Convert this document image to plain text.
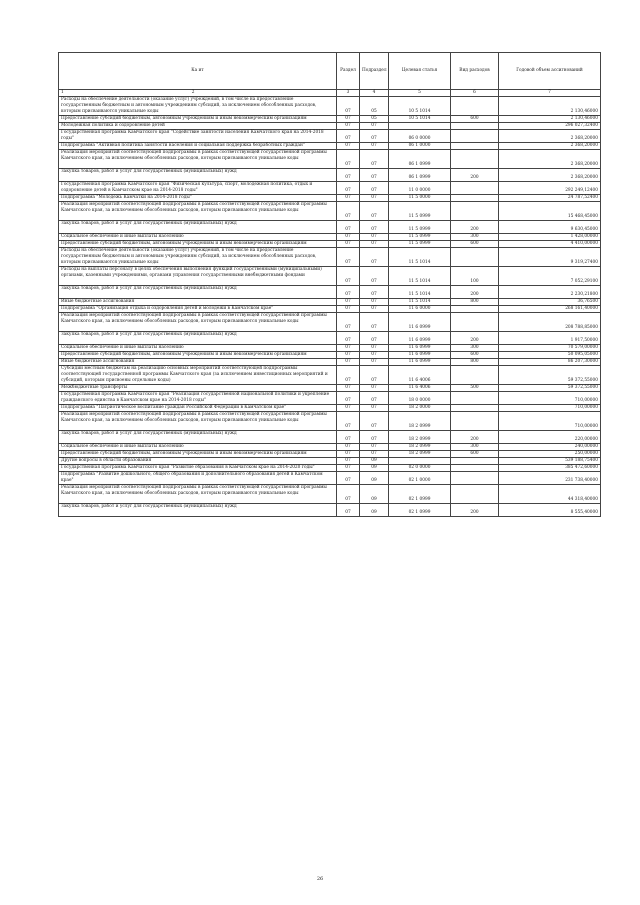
Ка ит	Раздел	Подраздел	Целевая статья	Вид расходов	Годовой объем ассигнований
1 2	3	4	5	6	7
Расходы на обеспечение деятельности (оказание услуг) учреждений, в том числе на предоставление государственным бюджетным и автономным учреждениям субсидий, за исключением обособленных расходов, которым присваиваются уникальные коды	07	05	10 5 1014		2 130,46000
Предоставление субсидий бюджетным, автономным учреждениям и иным некоммерческим организациям	07	05	10 5 1014	600	2 130,46000
Молодежная политика и оздоровление детей	07	07			296 027,32400
Государственная программа Камчатского края "Содействие занятости населения Камчатского края на 2014-2018 годы"	07	07	06 0 0000		2 368,20000
Подпрограмма "Активная политика занятости населения и социальная поддержка безработных граждан"	07	07	06 1 0000		2 368,20000
Реализация мероприятий соответствующей подпрограммы в рамках соответствующей государственной программы Камчатского края, за исключением обособленных расходов, которым присваиваются уникальные коды	07	07	06 1 0999		2 368,20000
Закупка товаров, работ и услуг для государственных (муниципальных) нужд	07	07	06 1 0999	200	2 368,20000
Государственная программа Камчатского края "Физическая культура, спорт, молодежная политика, отдых и оздоровление детей в Камчатском крае на 2014-2018 годы"	07	07	11 0 0000		292 249,12400
Подпрограмма "Молодежь Камчатки на 2014-2018 годы"	07	07	11 5 0000		24 787,52400
Реализация мероприятий соответствующей подпрограммы в рамках соответствующей государственной программы Камчатского края, за исключением обособленных расходов, которым присваиваются уникальные коды	07	07	11 5 0999		15 468,45000
Закупка товаров, работ и услуг для государственных (муниципальных) нужд	07	07	11 5 0999	200	9 630,45000
Социальное обеспечение и иные выплаты населению	07	07	11 5 0999	300	1 428,00000
Предоставление субсидий бюджетным, автономным учреждениям и иным некоммерческим организациям	07	07	11 5 0999	600	4 410,00000
Расходы на обеспечение деятельности (оказание услуг) учреждений, в том числе на предоставление государственным бюджетным и автономным учреждениям субсидий, за исключением обособленных расходов, которым присваиваются уникальные коды	07	07	11 5 1014		9 319,27400
Расходы на выплаты персоналу в целях обеспечения выполнения функций государственными (муниципальными) органами, казенными учреждениями, органами управления государственными внебюджетными фондами	07	07	11 5 1014	100	7 052,29100
Закупка товаров, работ и услуг для государственных (муниципальных) нужд	07	07	11 5 1014	200	2 230,21800
Иные бюджетные ассигнования	07	07	11 5 1014	800	36,76500
Подпрограмма "Организация отдыха и оздоровления детей и молодежи в Камчатском крае"	07	07	11 6 0000		268 161,40000
Реализация мероприятий соответствующей подпрограммы в рамках соответствующей государственной программы Камчатского края, за исключением обособленных расходов, которым присваиваются уникальные коды	07	07	11 6 0999		208 788,85000
Закупка товаров, работ и услуг для государственных (муниципальных) нужд	07	07	11 6 0999	200	1 917,50000
Социальное обеспечение и иные выплаты населению	07	07	11 6 0999	300	70 579,00000
Предоставление субсидий бюджетным, автономным учреждениям и иным некоммерческим организациям	07	07	11 6 0999	600	50 095,05000
Иные бюджетные ассигнования	07	07	11 6 0999	800	86 207,30000
Субсидии местным бюджетам на реализацию основных мероприятий соответствующей подпрограммы соответствующей государственной программы Камчатского края (за исключением инвестиционных мероприятий и субсидий, которым присвоены отдельные коды)	07	07	11 6 4006		59 372,55000
Межбюджетные трансферты	07	07	11 6 4006	500	59 372,55000
Государственная программа Камчатского края "Реализация государственной национальной политики и укрепление гражданского единства в Камчатском крае на 2014-2018 годы"	07	07	18 0 0000		710,00000
Подпрограмма "Патриотическое воспитание граждан Российской Федерации в Камчатском крае"	07	07	18 2 0000		710,00000
Реализация мероприятий соответствующей подпрограммы в рамках соответствующей государственной программы Камчатского края, за исключением обособленных расходов, которым присваиваются уникальные коды	07	07	18 2 0999		710,00000
Закупка товаров, работ и услуг для государственных (муниципальных) нужд	07	07	18 2 0999	200	220,00000
Социальное обеспечение и иные выплаты населению	07	07	18 2 0999	300	240,00000
Предоставление субсидий бюджетным, автономным учреждениям и иным некоммерческим организациям	07	07	18 2 0999	600	250,00000
Другие вопросы в области образования	07	09			539 188,75400
Государственная программа Камчатского края "Развитие образования в Камчатском крае на 2014-2020 годы"	07	09	02 0 0000		385 472,60000
Подпрограмма "Развитие дошкольного, общего образования и дополнительного образования детей в Камчатском крае"	07	09	02 1 0000		231 738,40000
Реализация мероприятий соответствующей подпрограммы в рамках соответствующей государственной программы Камчатского края, за исключением обособленных расходов, которым присваиваются уникальные коды	07	09	02 1 0999		44 318,40000
Закупка товаров, работ и услуг для государственных (муниципальных) нужд	07	09	02 1 0999	200	8 555,40000
26
